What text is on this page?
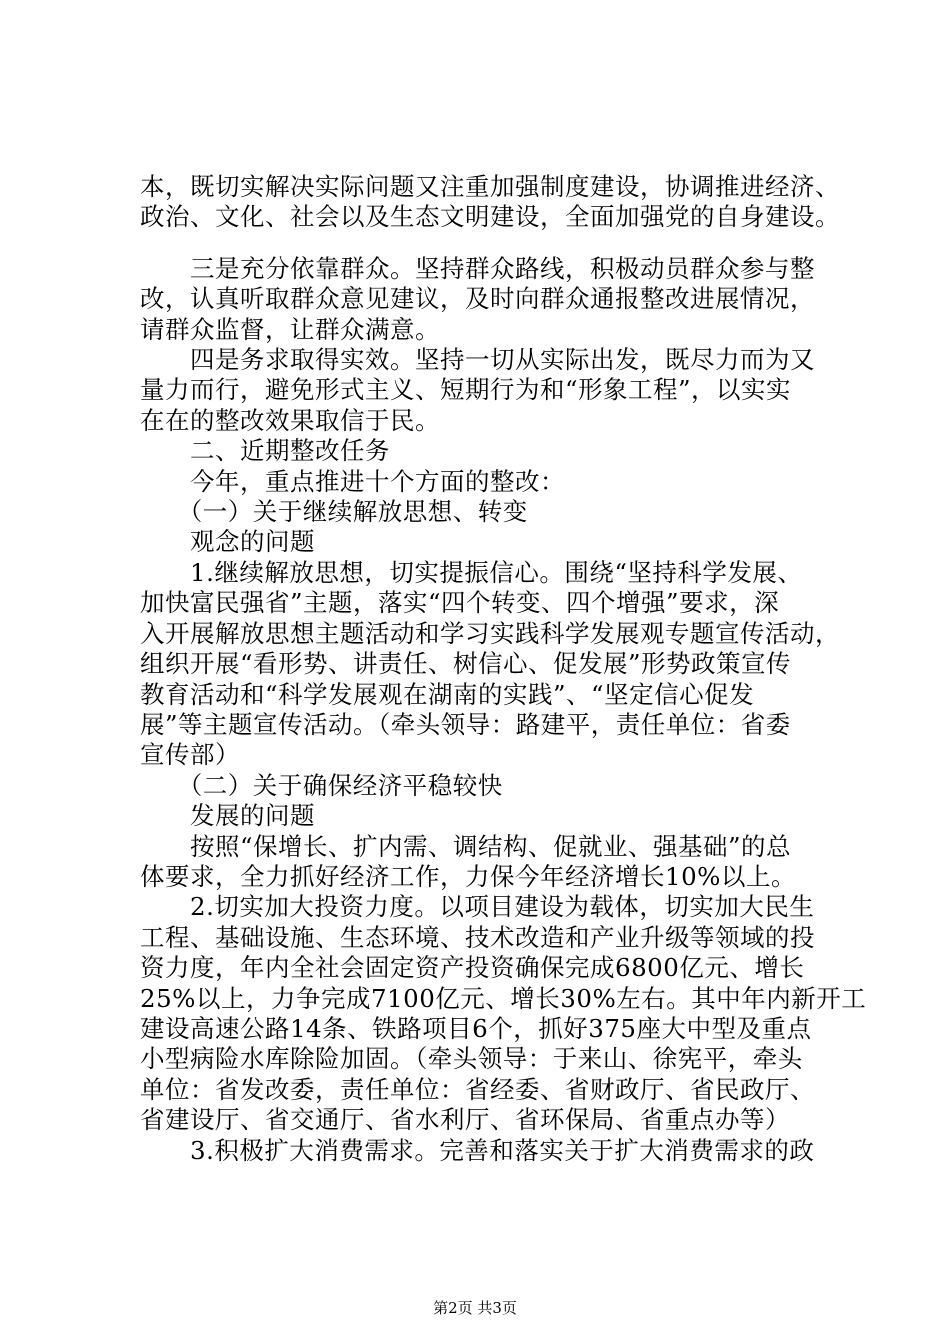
本，既切实解决实际问题又注重加强制度建设，协调推进经济、

政治、文化、社会以及生态文明建设，全面加强党的自身建设。

　　三是充分依靠群众。坚持群众路线，积极动员群众参与整

改，认真听取群众意见建议，及时向群众通报整改进展情况，

请群众监督，让群众满意。

　　四是务求取得实效。坚持一切从实际出发，既尽力而为又

量力而行，避免形式主义、短期行为和“形象工程”，以实实

在在的整改效果取信于民。

　　二、近期整改任务

　　今年，重点推进十个方面的整改：

　　（一）关于继续解放思想、转变

　　观念的问题

　　1.继续解放思想，切实提振信心。围绕“坚持科学发展、

加快富民强省”主题，落实“四个转变、四个增强”要求，深

入开展解放思想主题活动和学习实践科学发展观专题宣传活动，

组织开展“看形势、讲责任、树信心、促发展”形势政策宣传

教育活动和“科学发展观在湖南的实践”、“坚定信心促发

展”等主题宣传活动。（牵头领导：路建平，责任单位：省委

宣传部）

　　（二）关于确保经济平稳较快

　　发展的问题

　　按照“保增长、扩内需、调结构、促就业、强基础”的总

体要求，全力抓好经济工作，力保今年经济增长10%以上。

　　2.切实加大投资力度。以项目建设为载体，切实加大民生

工程、基础设施、生态环境、技术改造和产业升级等领域的投

资力度，年内全社会固定资产投资确保完成6800亿元、增长

25%以上，力争完成7100亿元、增长30%左右。其中年内新开工

建设高速公路14条、铁路项目6个，抓好375座大中型及重点

小型病险水库除险加固。（牵头领导：于来山、徐宪平，牵头

单位：省发改委，责任单位：省经委、省财政厅、省民政厅、

省建设厅、省交通厅、省水利厅、省环保局、省重点办等）

　　3.积极扩大消费需求。完善和落实关于扩大消费需求的政

第2页 共3页
